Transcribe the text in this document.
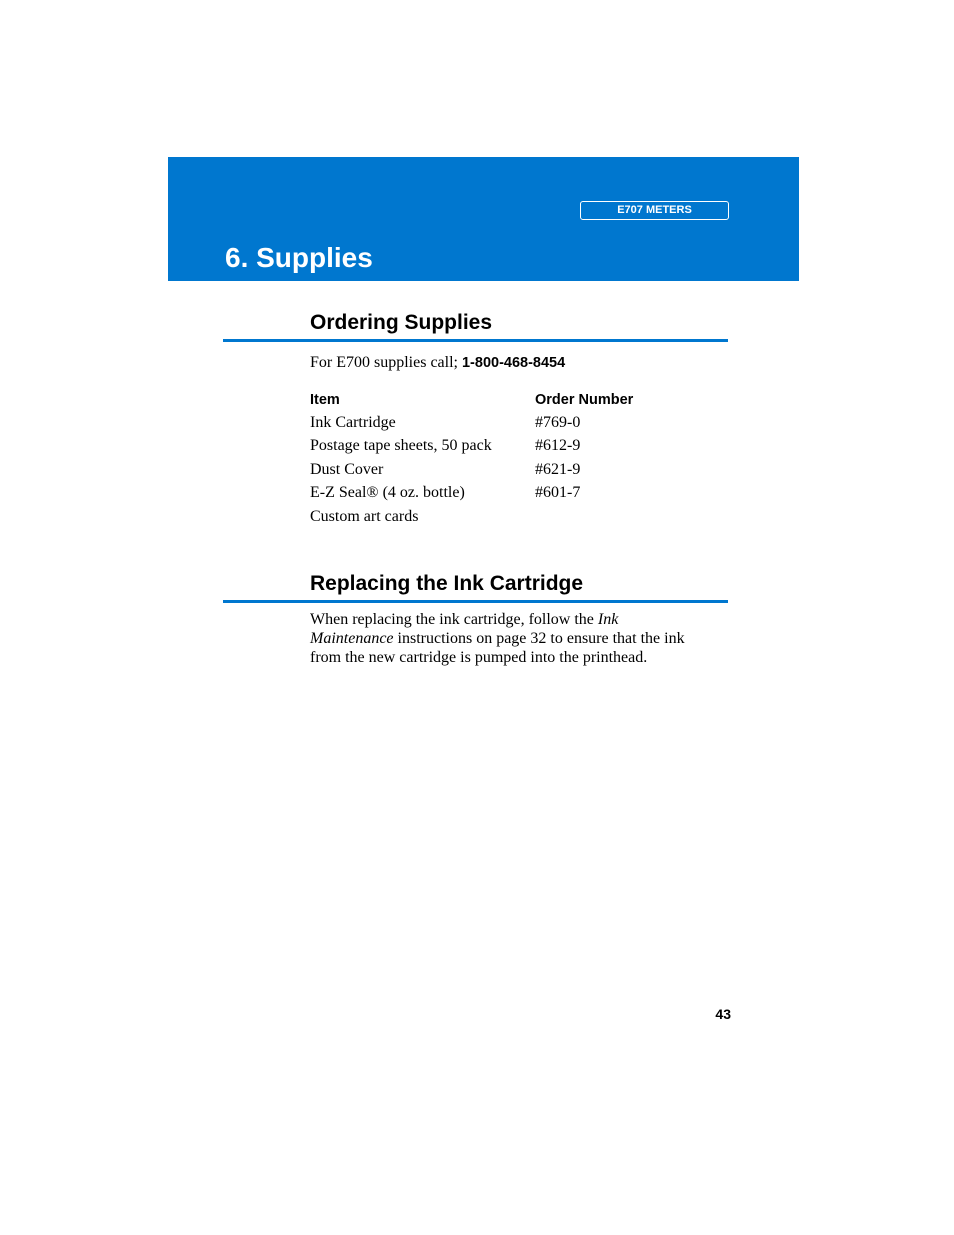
E707 METERS
6. Supplies
Ordering Supplies
For E700 supplies call; 1-800-468-8454
Item	Order Number
Ink Cartridge	#769-0
Postage tape sheets, 50 pack	#612-9
Dust Cover	#621-9
E-Z Seal® (4 oz. bottle)	#601-7
Custom art cards	
Replacing the Ink Cartridge

When replacing the ink cartridge, follow the Ink Maintenance instructions on page 32 to ensure that the ink from the new cartridge is pumped into the printhead.

43
